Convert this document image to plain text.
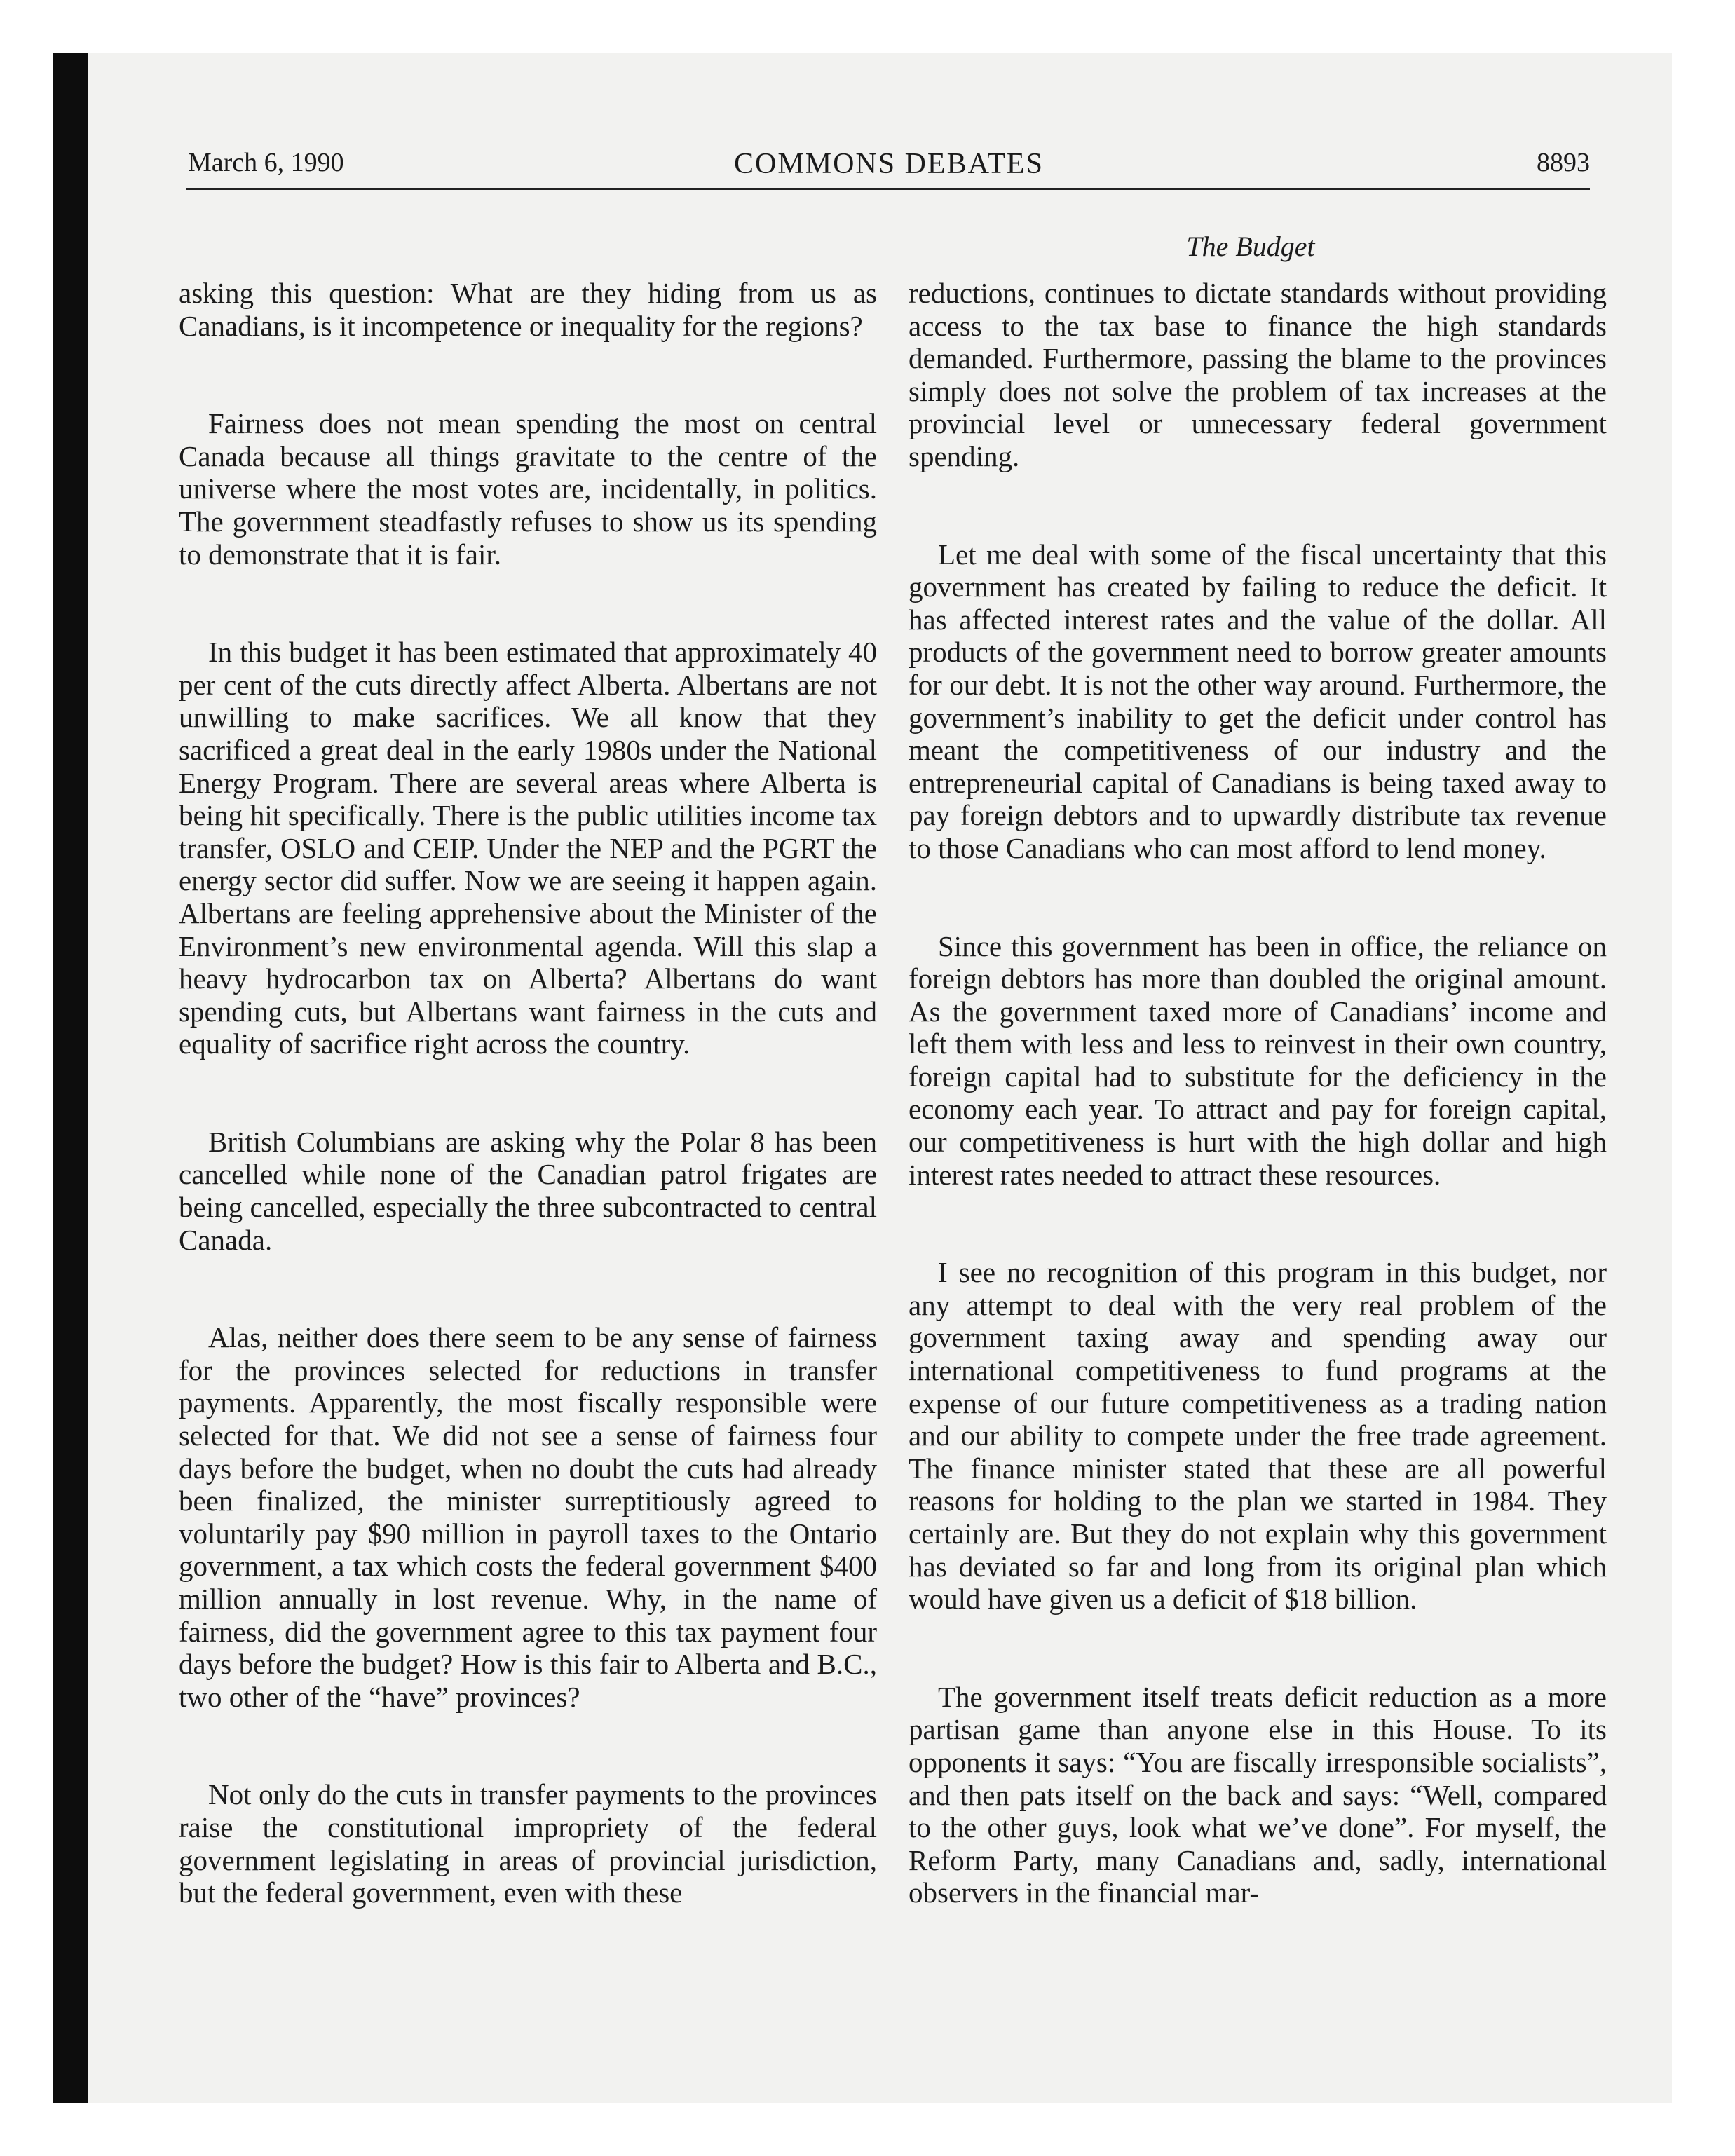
March 6, 1990	COMMONS DEBATES	8893
The Budget

asking this question: What are they hiding from us as Canadians, is it incompetence or inequality for the regions?

Fairness does not mean spending the most on central Canada because all things gravitate to the centre of the universe where the most votes are, incidentally, in politics. The government steadfastly refuses to show us its spending to demonstrate that it is fair.

In this budget it has been estimated that approximately 40 per cent of the cuts directly affect Alberta. Albertans are not unwilling to make sacrifices. We all know that they sacrificed a great deal in the early 1980s under the National Energy Program. There are several areas where Alberta is being hit specifically. There is the public utilities income tax transfer, OSLO and CEIP. Under the NEP and the PGRT the energy sector did suffer. Now we are seeing it happen again. Albertans are feeling apprehensive about the Minister of the Environment’s new environmental agenda. Will this slap a heavy hydrocarbon tax on Alberta? Albertans do want spending cuts, but Albertans want fairness in the cuts and equality of sacrifice right across the country.

British Columbians are asking why the Polar 8 has been cancelled while none of the Canadian patrol frigates are being cancelled, especially the three subcontracted to central Canada.

Alas, neither does there seem to be any sense of fairness for the provinces selected for reductions in transfer payments. Apparently, the most fiscally responsible were selected for that. We did not see a sense of fairness four days before the budget, when no doubt the cuts had already been finalized, the minister surreptitiously agreed to voluntarily pay $90 million in payroll taxes to the Ontario government, a tax which costs the federal government $400 million annually in lost revenue. Why, in the name of fairness, did the government agree to this tax payment four days before the budget? How is this fair to Alberta and B.C., two other of the “have” provinces?

Not only do the cuts in transfer payments to the provinces raise the constitutional impropriety of the federal government legislating in areas of provincial jurisdiction, but the federal government, even with these

reductions, continues to dictate standards without providing access to the tax base to finance the high standards demanded. Furthermore, passing the blame to the provinces simply does not solve the problem of tax increases at the provincial level or unnecessary federal government spending.

Let me deal with some of the fiscal uncertainty that this government has created by failing to reduce the deficit. It has affected interest rates and the value of the dollar. All products of the government need to borrow greater amounts for our debt. It is not the other way around. Furthermore, the government’s inability to get the deficit under control has meant the competitiveness of our industry and the entrepreneurial capital of Canadians is being taxed away to pay foreign debtors and to upwardly distribute tax revenue to those Canadians who can most afford to lend money.

Since this government has been in office, the reliance on foreign debtors has more than doubled the original amount. As the government taxed more of Canadians’ income and left them with less and less to reinvest in their own country, foreign capital had to substitute for the deficiency in the economy each year. To attract and pay for foreign capital, our competitiveness is hurt with the high dollar and high interest rates needed to attract these resources.

I see no recognition of this program in this budget, nor any attempt to deal with the very real problem of the government taxing away and spending away our international competitiveness to fund programs at the expense of our future competitiveness as a trading nation and our ability to compete under the free trade agreement. The finance minister stated that these are all powerful reasons for holding to the plan we started in 1984. They certainly are. But they do not explain why this government has deviated so far and long from its original plan which would have given us a deficit of $18 billion.

The government itself treats deficit reduction as a more partisan game than anyone else in this House. To its opponents it says: “You are fiscally irresponsible socialists”, and then pats itself on the back and says: “Well, compared to the other guys, look what we’ve done”. For myself, the Reform Party, many Canadians and, sadly, international observers in the financial mar-
